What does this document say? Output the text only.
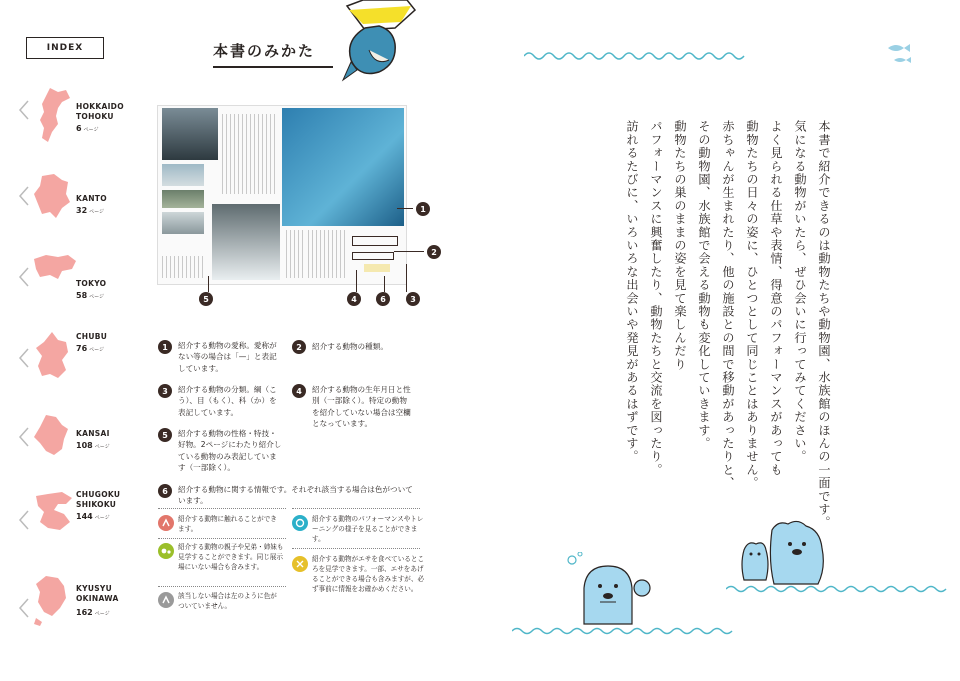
INDEX
HOKKAIDO
TOHOKU
6 ページ
KANTO
32 ページ
TOKYO
58 ページ
CHUBU
76 ページ
KANSAI
108 ページ
CHUGOKU
SHIKOKU
144 ページ
KYUSYU
OKINAWA
162 ページ
本書のみかた
1
2
3
4
5	6
1	紹介する動物の愛称。愛称がない等の場合は「—」と表記しています。
2	紹介する動物の種類。
3	紹介する動物の分類。綱（こう）、目（もく）、科（か）を表記しています。
4	紹介する動物の生年月日と性別（一部除く）。特定の動物を紹介していない場合は空欄となっています。
5	紹介する動物の性格・特技・好物。2ページにわたり紹介している動物のみ表記しています（一部除く）。
6	紹介する動物に関する情報です。それぞれ該当する場合は色がついています。
紹介する動物に触れることができます。
紹介する動物のパフォーマンスやトレーニングの様子を見ることができます。
紹介する動物の親子や兄弟・姉妹も見学することができます。同じ展示場にいない場合も含みます。
紹介する動物がエサを食べているところを見学できます。一部、エサをあげることができる場合も含みますが、必ず事前に情報をお確かめください。
該当しない場合は左のように色がついていません。
本書で紹介できるのは動物たちや動物園、水族館のほんの一面です。
気になる動物がいたら、ぜひ会いに行ってみてください。
よく見られる仕草や表情、得意のパフォーマンスがあっても
動物たちの日々の姿に、ひとつとして同じことはありません。
赤ちゃんが生まれたり、他の施設との間で移動があったりと、
その動物園、水族館で会える動物も変化していきます。
動物たちの巣のままの姿を見て楽しんだり
パフォーマンスに興奮したり、動物たちと交流を図ったり。
訪れるたびに、いろいろな出会いや発見があるはずです。
